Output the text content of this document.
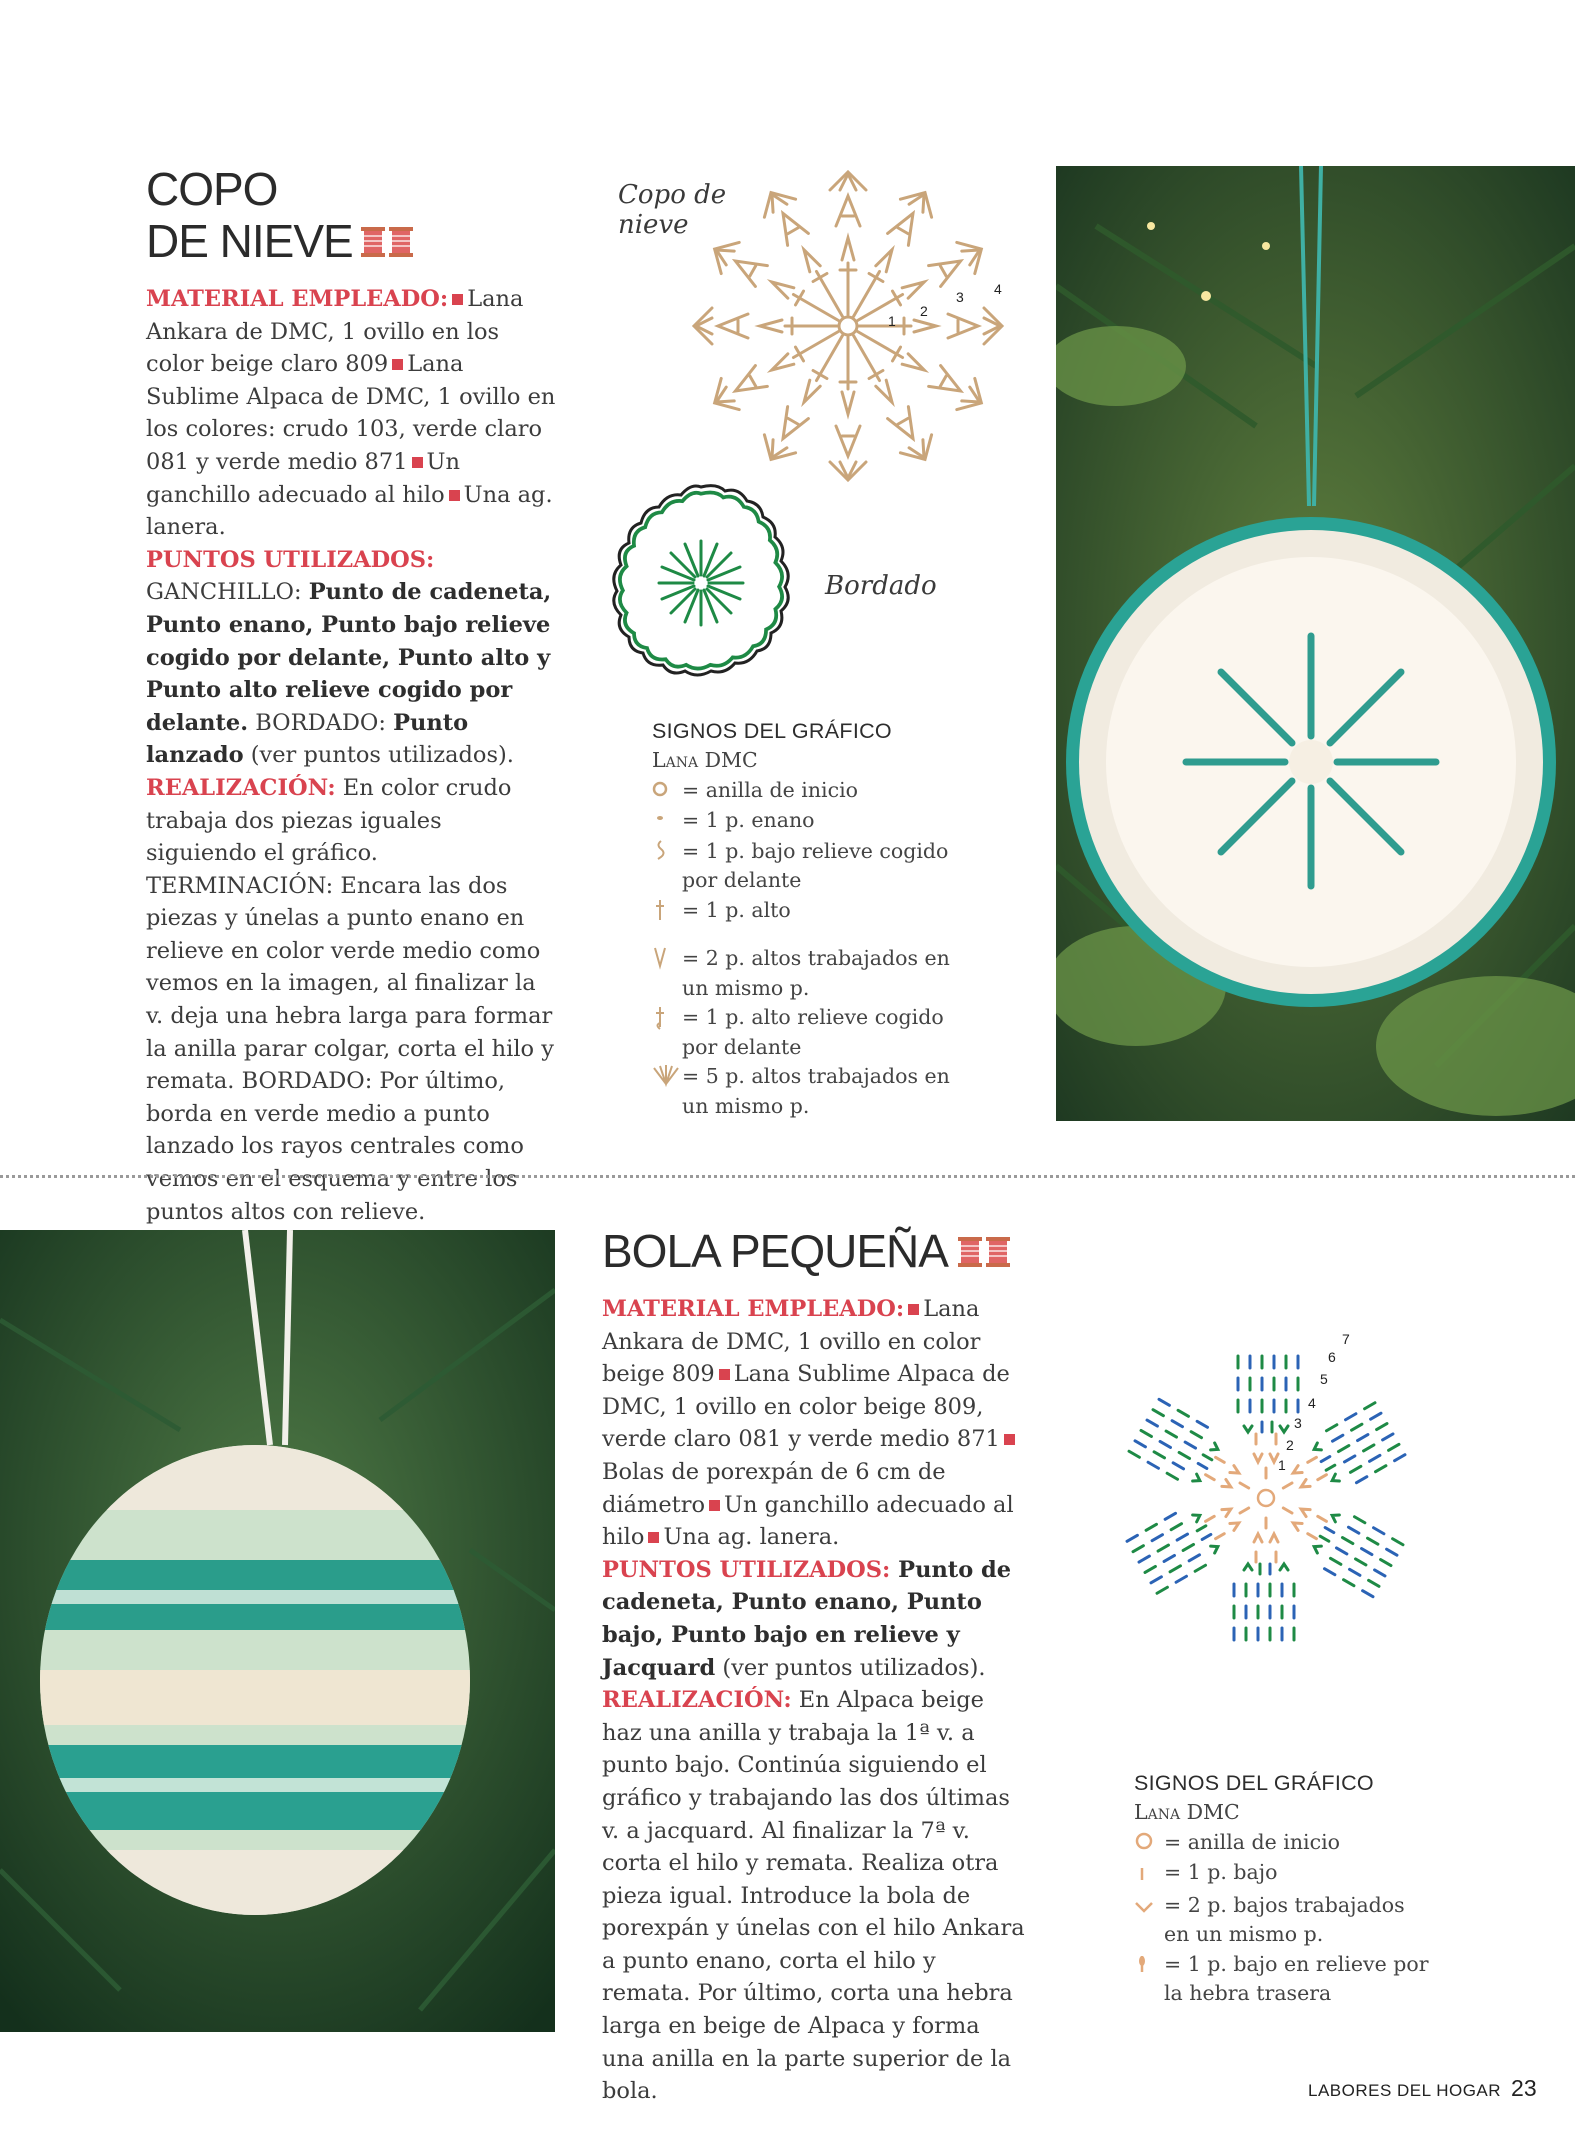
COPO
DE NIEVE

MATERIAL EMPLEADO: Lana Ankara de DMC, 1 ovillo en los color beige claro 809 Lana Sublime Alpaca de DMC, 1 ovillo en los colores: crudo 103, verde claro 081 y verde medio 871 Un ganchillo adecuado al hilo Una ag. lanera.

PUNTOS UTILIZADOS: GANCHILLO: Punto de cadeneta, Punto enano, Punto bajo relieve cogido por delante, Punto alto y Punto alto relieve cogido por delante. BORDADO: Punto lanzado (ver puntos utilizados).

REALIZACIÓN: En color crudo trabaja dos piezas iguales siguiendo el gráfico. TERMINACIÓN: Encara las dos piezas y únelas a punto enano en relieve en color verde medio como vemos en la imagen, al finalizar la v. deja una hebra larga para formar la anilla parar colgar, corta el hilo y remata. BORDADO: Por último, borda en verde medio a punto lanzado los rayos centrales como vemos en el esquema y entre los puntos altos con relieve.

Copo de
nieve
1
2
3 4
Bordado
SIGNOS DEL GRÁFICO
Lana DMC
= anilla de inicio
= 1 p. enano
= 1 p. bajo relieve cogido por delante
= 1 p. alto
= 2 p. altos trabajados en un mismo p.
= 1 p. alto relieve cogido por delante
= 5 p. altos trabajados en un mismo p.
BOLA PEQUEÑA

MATERIAL EMPLEADO: Lana Ankara de DMC, 1 ovillo en color beige 809 Lana Sublime Alpaca de DMC, 1 ovillo en color beige 809, verde claro 081 y verde medio 871Bolas de porexpán de 6 cm de diámetro Un ganchillo adecuado al hilo Una ag. lanera.

PUNTOS UTILIZADOS: Punto de cadeneta, Punto enano, Punto bajo, Punto bajo en relieve y Jacquard (ver puntos utilizados).

REALIZACIÓN: En Alpaca beige haz una anilla y trabaja la 1ª v. a punto bajo. Continúa siguiendo el gráfico y trabajando las dos últimas v. a jacquard. Al finalizar la 7ª v. corta el hilo y remata. Realiza otra pieza igual. Introduce la bola de porexpán y únelas con el hilo Ankara a punto enano, corta el hilo y remata. Por último, corta una hebra larga en beige de Alpaca y forma una anilla en la parte superior de la bola.

1
2
3
4
5
6
7
SIGNOS DEL GRÁFICO
Lana DMC
= anilla de inicio
= 1 p. bajo
= 2 p. bajos trabajados en un mismo p.
= 1 p. bajo en relieve por la hebra trasera
LABORES DEL HOGAR 23
